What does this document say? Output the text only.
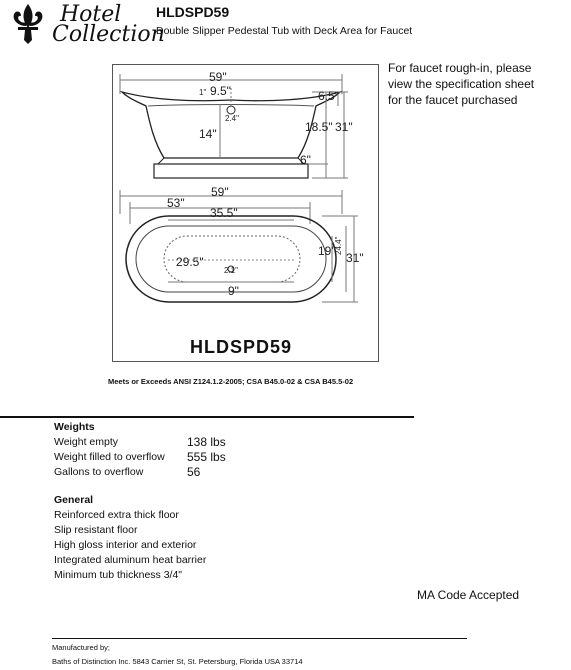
Hotel
Collection
HLDSPD59
Double Slipper Pedestal Tub with Deck Area for Faucet
59"
1" 9.5"
2.4"
14"
6.5"
18.5" 31"
6"
59"
53"
35.5"
29.5"
2.1"
9"
19"
24.4"
31"
HLDSPD59
For faucet rough-in, please view the specification sheet for the faucet purchased
Meets or Exceeds ANSI Z124.1.2-2005; CSA B45.0-02 & CSA B45.5-02
Weights
Weight empty	138 lbs
Weight filled to overflow 555 lbs
Gallons to overflow	56
General
Reinforced extra thick floor
Slip resistant floor
High gloss interior and exterior
Integrated aluminum heat barrier
Minimum tub thickness 3/4"
MA Code Accepted
Manufactured by;
Baths of Distinction Inc. 5843 Carrier St, St. Petersburg, Florida USA 33714
